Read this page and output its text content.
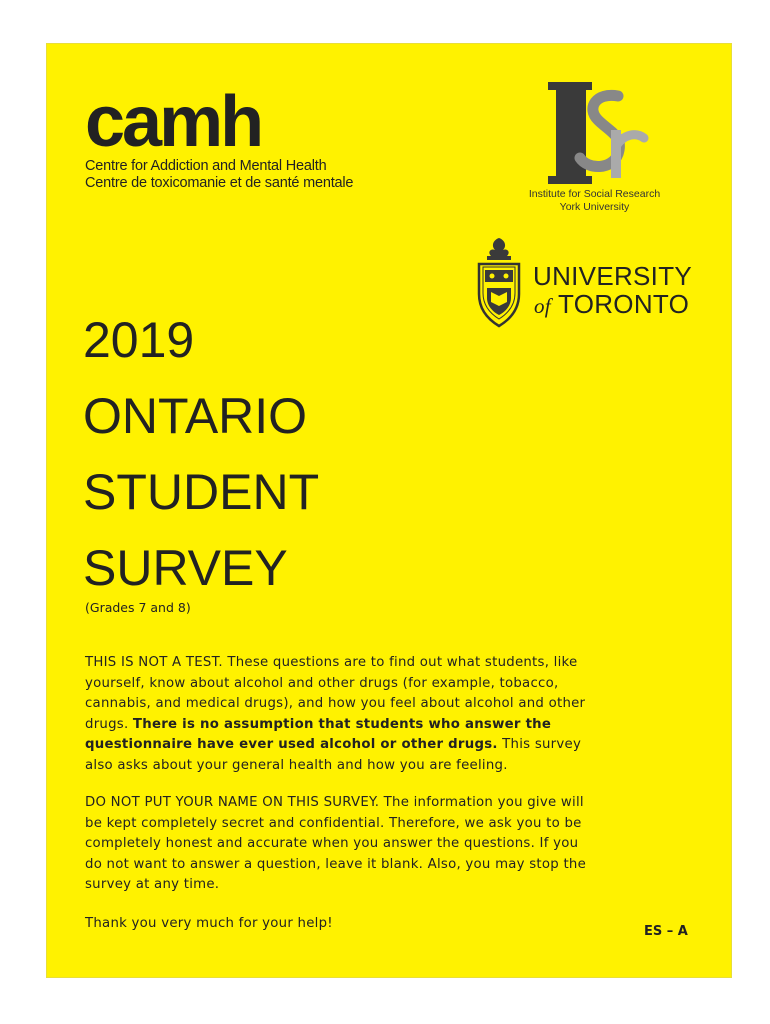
camh
Centre for Addiction and Mental Health
Centre de toxicomanie et de santé mentale
Institute for Social Research
York University
UNIVERSITY
of TORONTO
2019
ONTARIO
STUDENT
SURVEY
(Grades 7 and 8)

THIS IS NOT A TEST. These questions are to find out what students, like yourself, know about alcohol and other drugs (for example, tobacco, cannabis, and medical drugs), and how you feel about alcohol and other drugs. There is no assumption that students who answer the questionnaire have ever used alcohol or other drugs. This survey also asks about your general health and how you are feeling.

DO NOT PUT YOUR NAME ON THIS SURVEY. The information you give will be kept completely secret and confidential. Therefore, we ask you to be completely honest and accurate when you answer the questions. If you do not want to answer a question, leave it blank. Also, you may stop the survey at any time.

Thank you very much for your help!

ES – A
